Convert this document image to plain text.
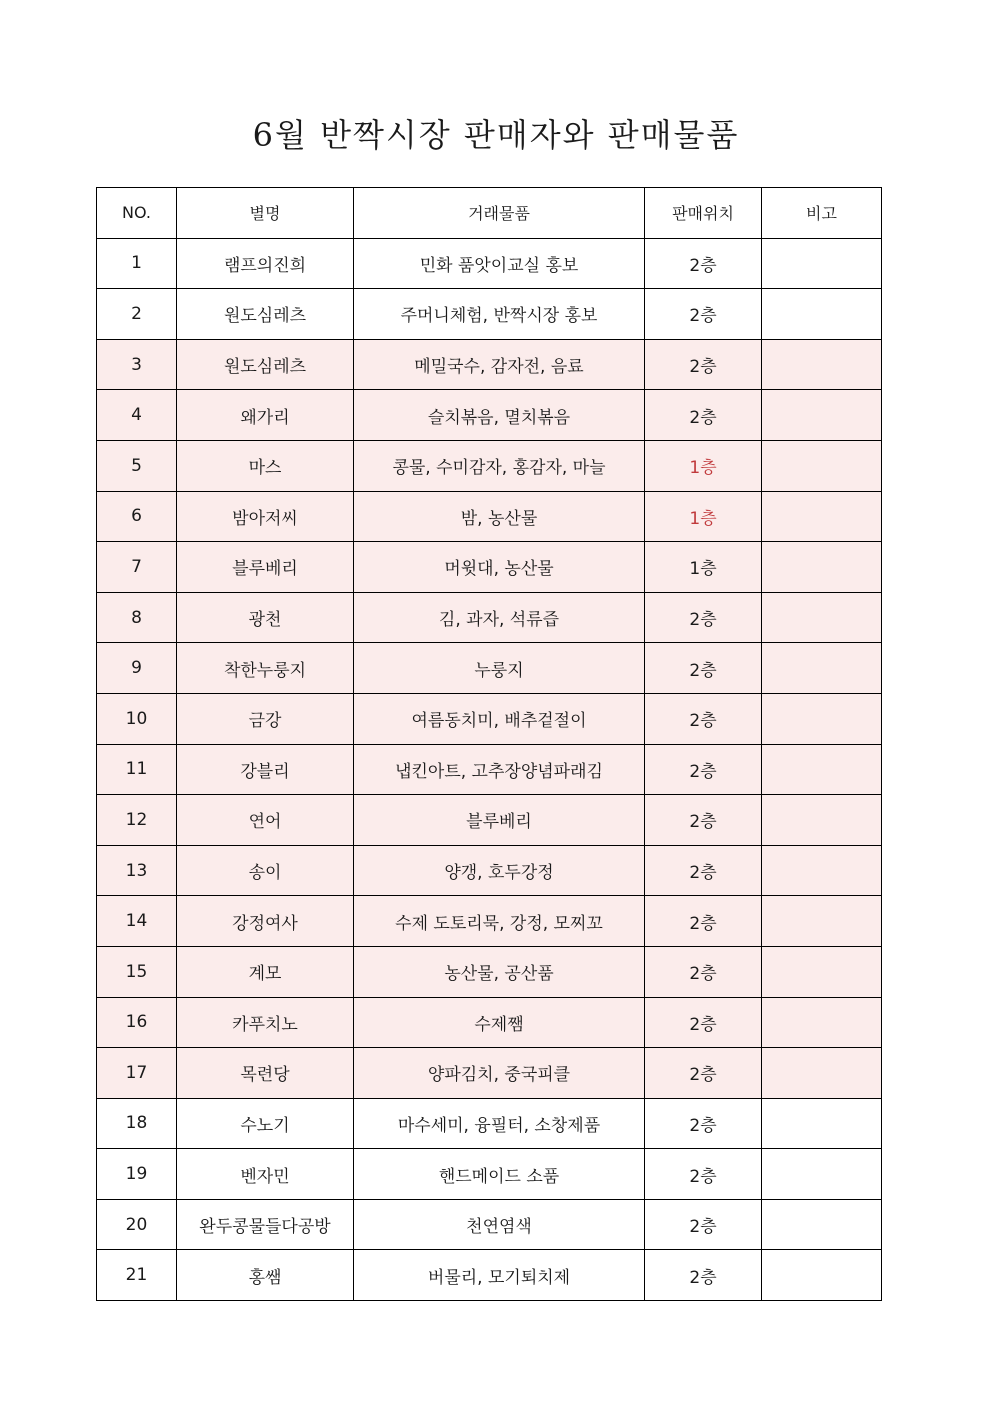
6월 반짝시장 판매자와 판매물품
NO.	별명	거래물품	판매위치	비고
1	램프의진희	민화 품앗이교실 홍보	2층	
2	원도심레츠	주머니체험, 반짝시장 홍보	2층	
3	원도심레츠	메밀국수, 감자전, 음료	2층	
4	왜가리	슬치볶음, 멸치볶음	2층	
5	마스	콩물, 수미감자, 홍감자, 마늘	1층	
6	밤아저씨	밤, 농산물	1층	
7	블루베리	머윗대, 농산물	1층	
8	광천	김, 과자, 석류즙	2층	
9	착한누룽지	누룽지	2층	
10	금강	여름동치미, 배추겉절이	2층	
11	강블리	냅킨아트, 고추장양념파래김	2층	
12	연어	블루베리	2층	
13	송이	양갱, 호두강정	2층	
14	강정여사	수제 도토리묵, 강정, 모찌꼬	2층	
15	계모	농산물, 공산품	2층	
16	카푸치노	수제쨈	2층	
17	목련당	양파김치, 중국피클	2층	
18	수노기	마수세미, 융필터, 소창제품	2층	
19	벤자민	핸드메이드 소품	2층	
20	완두콩물들다공방	천연염색	2층	
21	홍쌤	버물리, 모기퇴치제	2층	
